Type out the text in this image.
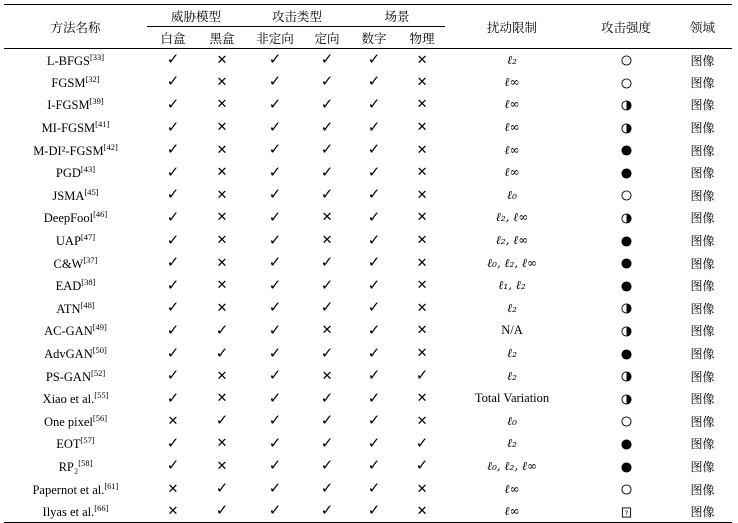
方法名称	威胁模型		攻击类型		场景		扰动限制	攻击强度	领域
	白盒	黑盒	非定向	定向	数字	物理			
L-BFGS[33]	✓	✕	✓	✓	✓	✕	ℓ₂		图像
FGSM[32]	✓	✕	✓	✓	✓	✕	ℓ∞		图像
I-FGSM[39]	✓	✕	✓	✓	✓	✕	ℓ∞		图像
MI-FGSM[41]	✓	✕	✓	✓	✓	✕	ℓ∞		图像
M-DI²-FGSM[42]	✓	✕	✓	✓	✓	✕	ℓ∞		图像
PGD[43]	✓	✕	✓	✓	✓	✕	ℓ∞		图像
JSMA[45]	✓	✕	✓	✓	✓	✕	ℓ₀		图像
DeepFool[46]	✓	✕	✓	✕	✓	✕	ℓ₂, ℓ∞		图像
UAP[47]	✓	✕	✓	✕	✓	✕	ℓ₂, ℓ∞		图像
C&W[37]	✓	✕	✓	✓	✓	✕	ℓ₀, ℓ₂, ℓ∞		图像
EAD[38]	✓	✕	✓	✓	✓	✕	ℓ₁, ℓ₂		图像
ATN[48]	✓	✕	✓	✓	✓	✕	ℓ₂		图像
AC-GAN[49]	✓	✓	✓	✕	✓	✕	N/A		图像
AdvGAN[50]	✓	✓	✓	✓	✓	✕	ℓ₂		图像
PS-GAN[52]	✓	✕	✓	✕	✓	✓	ℓ₂		图像
Xiao et al.[55]	✓	✕	✓	✓	✓	✕	Total Variation		图像
One pixel[56]	✕	✓	✓	✓	✓	✕	ℓ₀		图像
EOT[57]	✓	✕	✓	✓	✓	✓	ℓ₂		图像
RP₂[58]	✓	✕	✓	✓	✓	✓	ℓ₀, ℓ₂, ℓ∞		图像
Papernot et al.[61]	✕	✓	✓	✓	✓	✕	ℓ∞		图像
Ilyas et al.[66]	✕	✓	✓	✓	✓	✕	ℓ∞	?	图像
